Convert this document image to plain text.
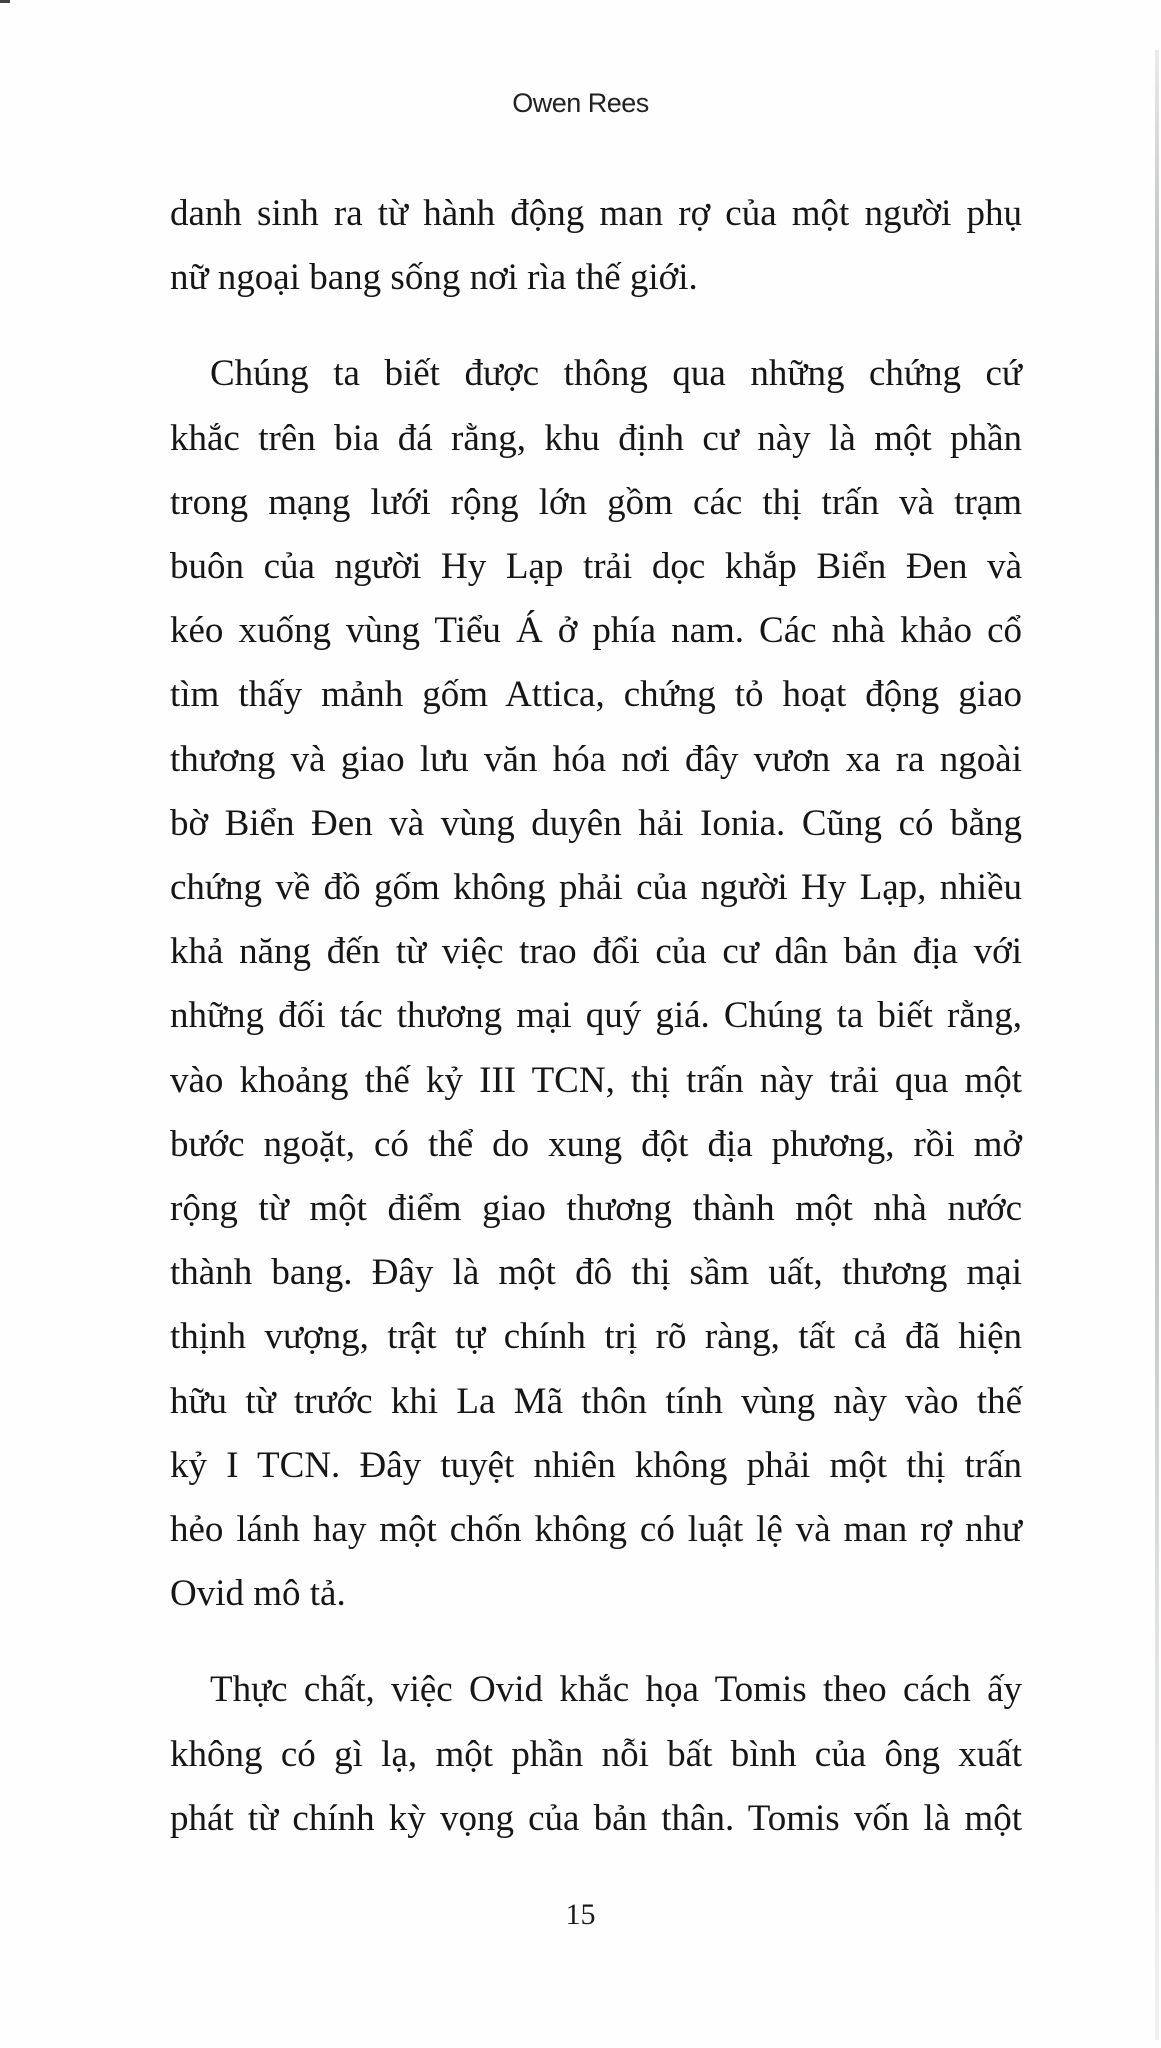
Owen Rees

danh sinh ra từ hành động man rợ của một người phụ
nữ ngoại bang sống nơi rìa thế giới.

Chúng ta biết được thông qua những chứng cứ
khắc trên bia đá rằng, khu định cư này là một phần
trong mạng lưới rộng lớn gồm các thị trấn và trạm
buôn của người Hy Lạp trải dọc khắp Biển Đen và
kéo xuống vùng Tiểu Á ở phía nam. Các nhà khảo cổ
tìm thấy mảnh gốm Attica, chứng tỏ hoạt động giao
thương và giao lưu văn hóa nơi đây vươn xa ra ngoài
bờ Biển Đen và vùng duyên hải Ionia. Cũng có bằng
chứng về đồ gốm không phải của người Hy Lạp, nhiều
khả năng đến từ việc trao đổi của cư dân bản địa với
những đối tác thương mại quý giá. Chúng ta biết rằng,
vào khoảng thế kỷ III TCN, thị trấn này trải qua một
bước ngoặt, có thể do xung đột địa phương, rồi mở
rộng từ một điểm giao thương thành một nhà nước
thành bang. Đây là một đô thị sầm uất, thương mại
thịnh vượng, trật tự chính trị rõ ràng, tất cả đã hiện
hữu từ trước khi La Mã thôn tính vùng này vào thế
kỷ I TCN. Đây tuyệt nhiên không phải một thị trấn
hẻo lánh hay một chốn không có luật lệ và man rợ như
Ovid mô tả.

Thực chất, việc Ovid khắc họa Tomis theo cách ấy
không có gì lạ, một phần nỗi bất bình của ông xuất
phát từ chính kỳ vọng của bản thân. Tomis vốn là một

15
